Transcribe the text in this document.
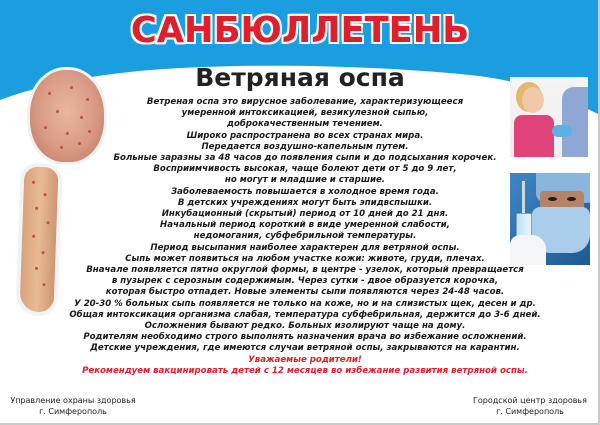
САНБЮЛЛЕТЕНЬ
Ветряная оспа
Ветреная оспа это вирусное заболевание, характеризующееся
умеренной интоксикацией, везикулезной сыпью,
доброкачественным течением.
Широко распространена во всех странах мира.
Передается воздушно-капельным путем.
Больные заразны за 48 часов до появления сыпи и до подсыхания корочек.
Восприимчивость высокая, чаще болеют дети от 5 до 9 лет,
но могут и младшие и старшие.
Заболеваемость повышается в холодное время года.
В детских учреждениях могут быть эпидвспышки.
Инкубационный (скрытый) период от 10 дней до 21 дня.
Начальный период короткий в виде умеренной слабости,
недомогания, субфебрильной температуры.
Период высыпания наиболее характерен для ветряной оспы.
Сыпь может появиться на любом участке кожи: животе, груди, плечах.
Вначале появляется пятно округлой формы, в центре - узелок, который превращается
в пузырек с серозным содержимым. Через сутки - двое образуется корочка,
которая быстро отпадет. Новые элементы сыпи появляются через 24-48 часов.
У 20-30 % больных сыпь появляется не только на коже, но и на слизистых щек, десен и др.
Общая интоксикация организма слабая, температура субфебрильная, держится до 3-6 дней.
Осложнения бывают редко. Больных изолируют чаще на дому.
Родителям необходимо строго выполнять назначения врача во избежание осложнений.
Детские учреждения, где имеются случаи ветряной оспы, закрываются на карантин.
Уважаемые родители!
Рекомендуем вакцинировать детей с 12 месяцев во избежание развития ветряной оспы.
Управление охраны здоровья
г. Симферополь
Городской центр здоровья
г. Симферополь
